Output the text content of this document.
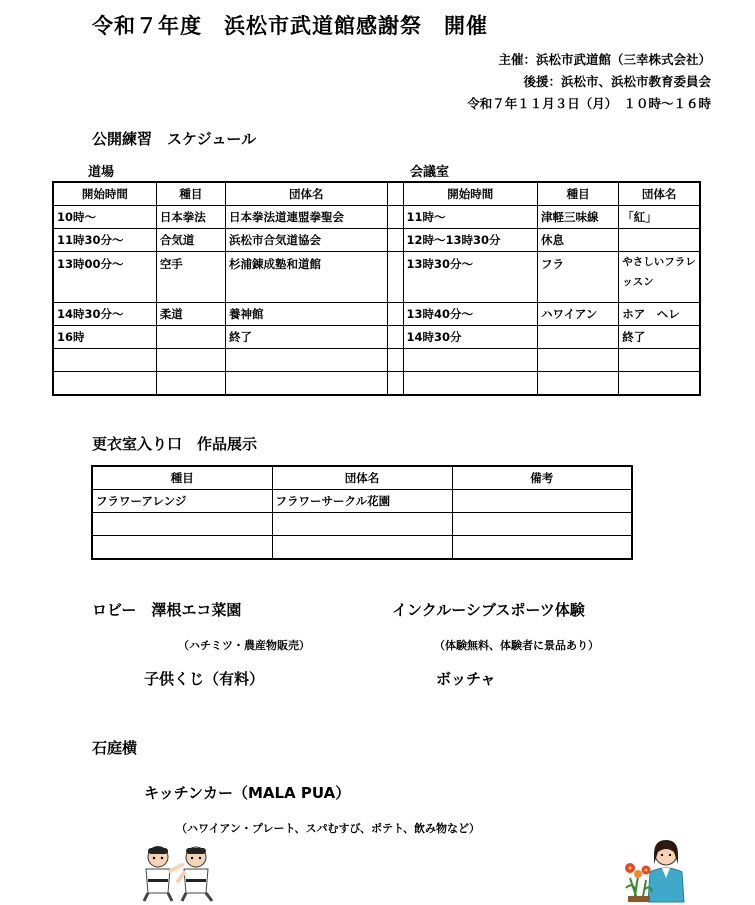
令和７年度　浜松市武道館感謝祭　開催
主催：浜松市武道館（三幸株式会社）
後援：浜松市、浜松市教育委員会
令和７年１１月３日（月）　１０時～１６時
公開練習　スケジュール
道場	会議室
開始時間	種目	団体名		開始時間	種目	団体名
10時～	日本拳法	日本拳法道連盟拳聖会		11時～	津軽三味線	「紅」
11時30分～	合気道	浜松市合気道協会		12時～13時30分	休息	
13時00分～	空手	杉浦錬成塾和道館		13時30分～	フラ	やさしいフラレッスン
14時30分～	柔道	養神館		13時40分～	ハワイアン	ホア　ヘレ
16時		終了		14時30分		終了

更衣室入り口　作品展示
種目	団体名	備考
フラワーアレンジ	フラワーサークル花園	

ロビー　澤根エコ菜園
（ハチミツ・農産物販売）
子供くじ（有料）
インクルーシブスポーツ体験
（体験無料、体験者に景品あり）
ボッチャ
石庭横
キッチンカー（MALA PUA）
（ハワイアン・プレート、スパむすび、ポテト、飲み物など）
